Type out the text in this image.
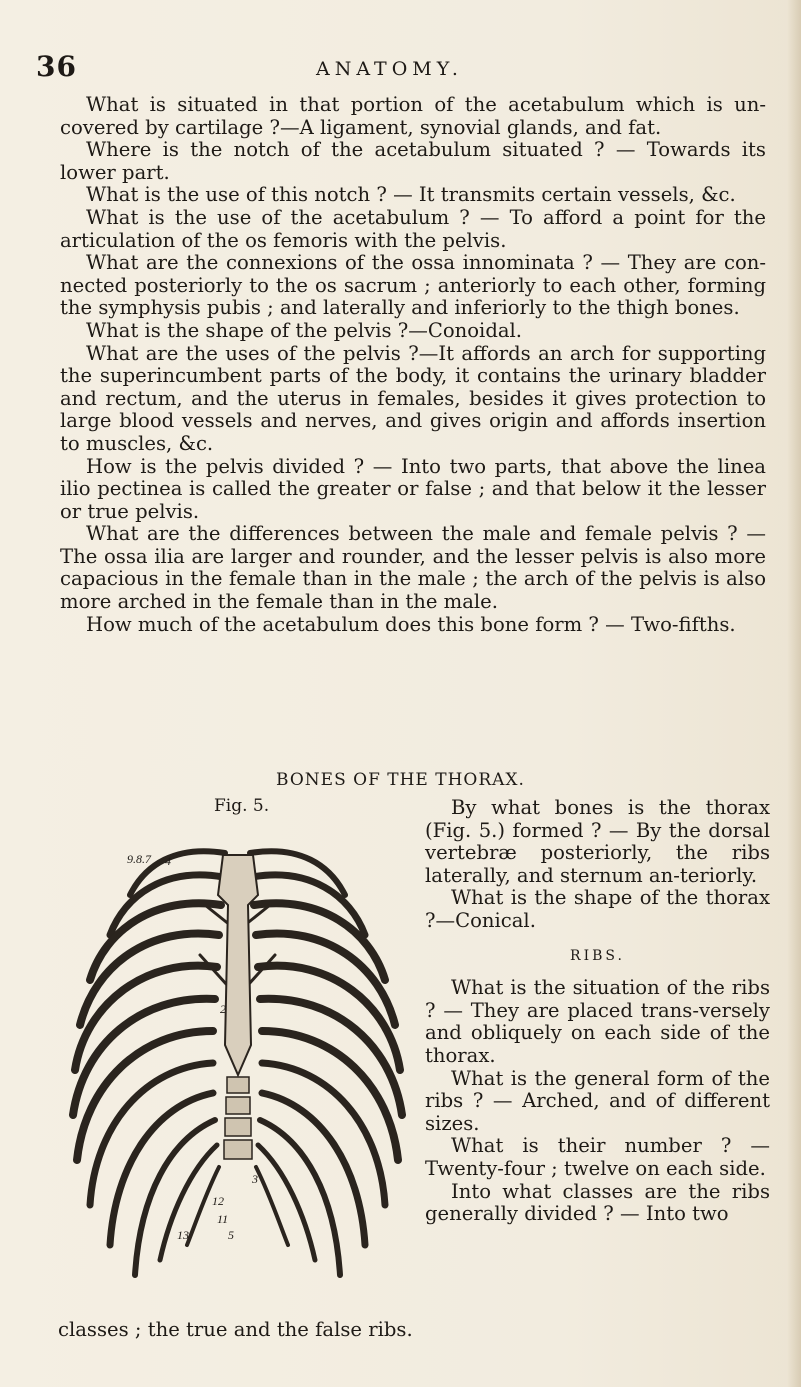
36	ANATOMY.

What is situated in that portion of the acetabulum which is un-covered by cartilage ?—A ligament, synovial glands, and fat.

Where is the notch of the acetabulum situated ? — Towards its lower part.

What is the use of this notch ? — It transmits certain vessels, &c.

What is the use of the acetabulum ? — To afford a point for the articulation of the os femoris with the pelvis.

What are the connexions of the ossa innominata ? — They are con-nected posteriorly to the os sacrum ; anteriorly to each other, forming the symphysis pubis ; and laterally and inferiorly to the thigh bones.

What is the shape of the pelvis ?—Conoidal.

What are the uses of the pelvis ?—It affords an arch for supporting the superincumbent parts of the body, it contains the urinary bladder and rectum, and the uterus in females, besides it gives protection to large blood vessels and nerves, and gives origin and affords insertion to muscles, &c.

How is the pelvis divided ? — Into two parts, that above the linea ilio pectinea is called the greater or false ; and that below it the lesser or true pelvis.

What are the differences between the male and female pelvis ? — The ossa ilia are larger and rounder, and the lesser pelvis is also more capacious in the female than in the male ; the arch of the pelvis is also more arched in the female than in the male.

How much of the acetabulum does this bone form ? — Two-fifths.

BONES OF THE THORAX.
Fig. 5.
9.8.7 4
2
3
12
11
13	5

By what bones is the thorax (Fig. 5.) formed ? — By the dorsal vertebræ posteriorly, the ribs laterally, and sternum an-teriorly.

What is the shape of the thorax ?—Conical.

RIBS.

What is the situation of the ribs ? — They are placed trans-versely and obliquely on each side of the thorax.

What is the general form of the ribs ? — Arched, and of different sizes.

What is their number ? — Twenty-four ; twelve on each side.

Into what classes are the ribs generally divided ? — Into two

classes ; the true and the false ribs.
